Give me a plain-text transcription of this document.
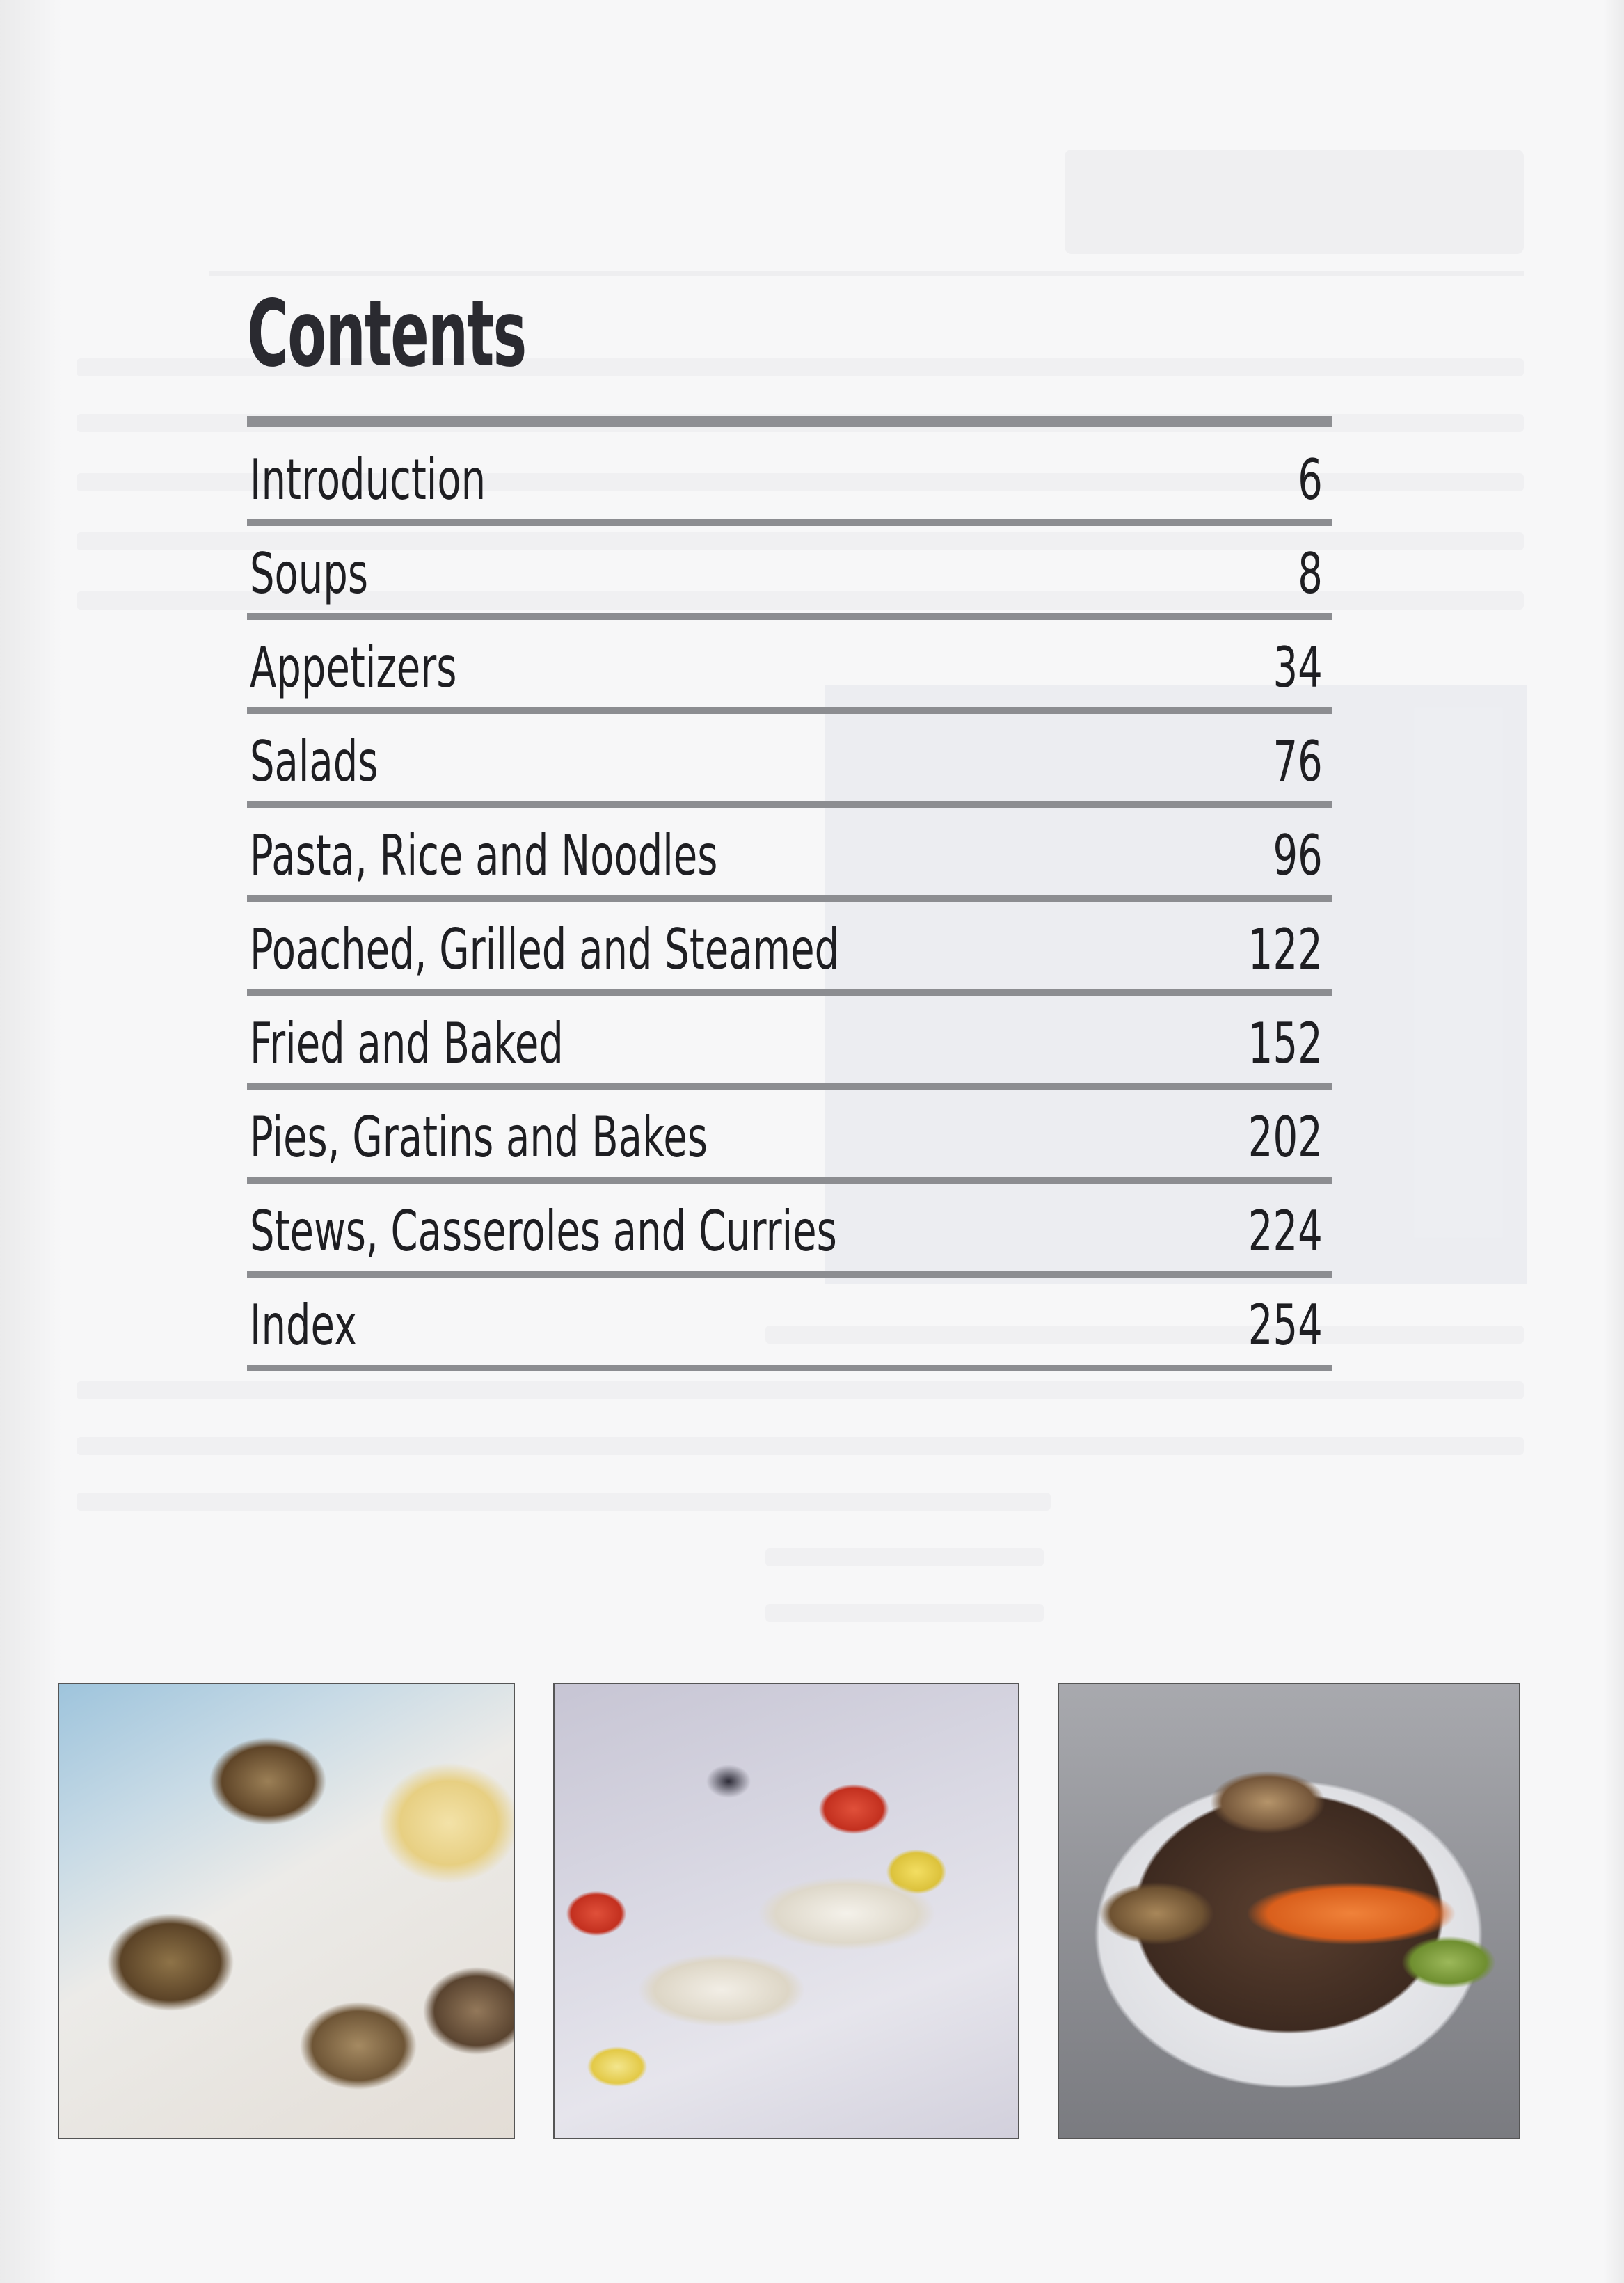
Contents
Introduction	6
Soups	8
Appetizers	34
Salads	76
Pasta, Rice and Noodles	96
Poached, Grilled and Steamed	122
Fried and Baked	152
Pies, Gratins and Bakes	202
Stews, Casseroles and Curries	224
Index	254
